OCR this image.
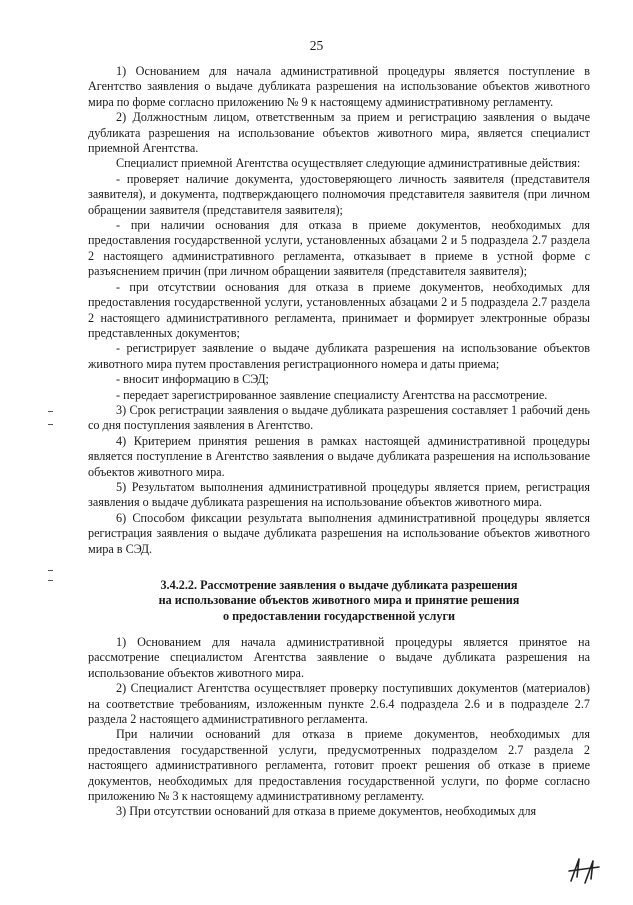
25

1) Основанием для начала административной процедуры является поступление в Агентство заявления о выдаче дубликата разрешения на использование объектов животного мира по форме согласно приложению № 9 к настоящему административному регламенту.

2) Должностным лицом, ответственным за прием и регистрацию заявления о выдаче дубликата разрешения на использование объектов животного мира, является специалист приемной Агентства.

Специалист приемной Агентства осуществляет следующие административные действия:

- проверяет наличие документа, удостоверяющего личность заявителя (представителя заявителя), и документа, подтверждающего полномочия представителя заявителя (при личном обращении заявителя (представителя заявителя);

- при наличии основания для отказа в приеме документов, необходимых для предоставления государственной услуги, установленных абзацами 2 и 5 подраздела 2.7 раздела 2 настоящего административного регламента, отказывает в приеме в устной форме с разъяснением причин (при личном обращении заявителя (представителя заявителя);

- при отсутствии основания для отказа в приеме документов, необходимых для предоставления государственной услуги, установленных абзацами 2 и 5 подраздела 2.7 раздела 2 настоящего административного регламента, принимает и формирует электронные образы представленных документов;

- регистрирует заявление о выдаче дубликата разрешения на использование объектов животного мира путем проставления регистрационного номера и даты приема;

- вносит информацию в СЭД;

- передает зарегистрированное заявление специалисту Агентства на рассмотрение.

3) Срок регистрации заявления о выдаче дубликата разрешения составляет 1 рабочий день со дня поступления заявления в Агентство.

4) Критерием принятия решения в рамках настоящей административной процедуры является поступление в Агентство заявления о выдаче дубликата разрешения на использование объектов животного мира.

5) Результатом выполнения административной процедуры является прием, регистрация заявления о выдаче дубликата разрешения на использование объектов животного мира.

6) Способом фиксации результата выполнения административной процедуры является регистрация заявления о выдаче дубликата разрешения на использование объектов животного мира в СЭД.

3.4.2.2. Рассмотрение заявления о выдаче дубликата разрешения
на использование объектов животного мира и принятие решения
о предоставлении государственной услуги

1) Основанием для начала административной процедуры является принятое на рассмотрение специалистом Агентства заявление о выдаче дубликата разрешения на использование объектов животного мира.

2) Специалист Агентства осуществляет проверку поступивших документов (материалов) на соответствие требованиям, изложенным пункте 2.6.4 подраздела 2.6 и в подразделе 2.7 раздела 2 настоящего административного регламента.

При наличии оснований для отказа в приеме документов, необходимых для предоставления государственной услуги, предусмотренных подразделом 2.7 раздела 2 настоящего административного регламента, готовит проект решения об отказе в приеме документов, необходимых для предоставления государственной услуги, по форме согласно приложению № 3 к настоящему административному регламенту.

3) При отсутствии оснований для отказа в приеме документов, необходимых для
